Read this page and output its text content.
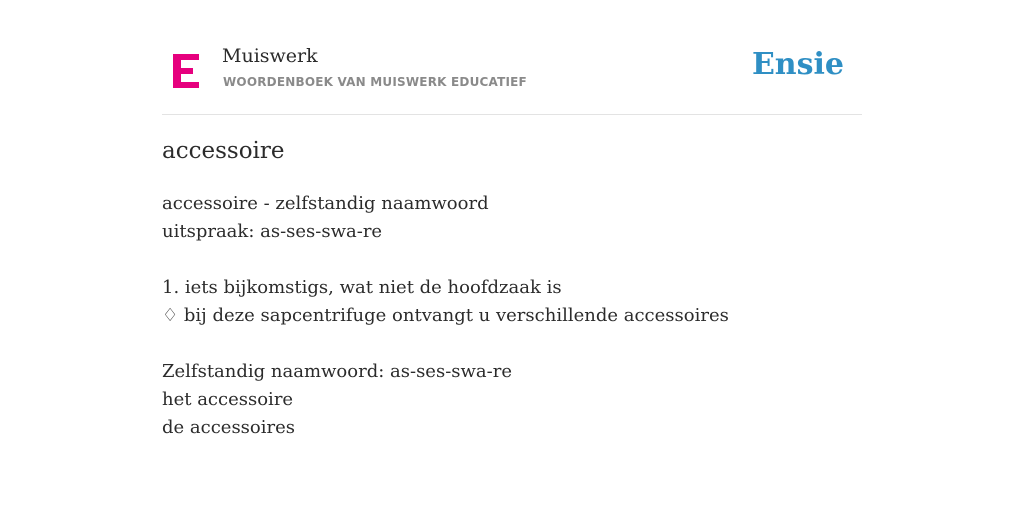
Muiswerk
WOORDENBOEK VAN MUISWERK EDUCATIEF	Ensie
accessoire
accessoire - zelfstandig naamwoord
uitspraak: as-ses-swa-re
1. iets bijkomstigs, wat niet de hoofdzaak is
♢ bij deze sapcentrifuge ontvangt u verschillende accessoires
Zelfstandig naamwoord: as-ses-swa-re
het accessoire
de accessoires
